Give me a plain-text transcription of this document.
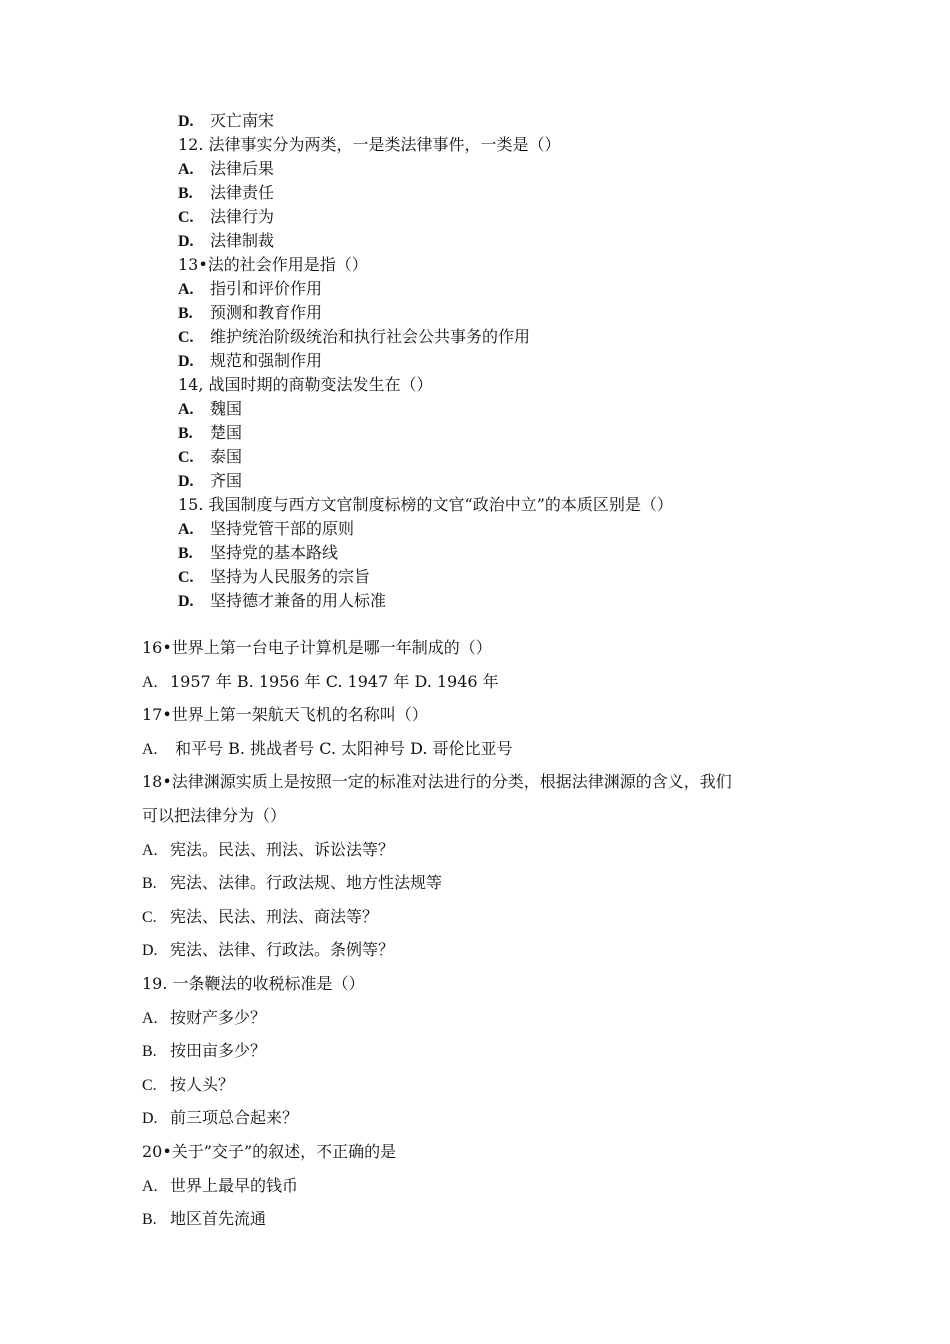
D. 灭亡南宋
12. 法律事实分为两类，一是类法律事件，一类是（）
A. 法律后果
B. 法律责任
C. 法律行为
D. 法律制裁
13•法的社会作用是指（）
A. 指引和评价作用
B. 预测和教育作用
C. 维护统治阶级统治和执行社会公共事务的作用
D. 规范和强制作用
14, 战国时期的商勒变法发生在（）
A. 魏国
B. 楚国
C. 泰国
D. 齐国
15. 我国制度与西方文官制度标榜的文官“政治中立”的本质区别是（）
A. 坚持党管干部的原则
B. 坚持党的基本路线
C. 坚持为人民服务的宗旨
D. 坚持德才兼备的用人标准
16•世界上第一台电子计算机是哪一年制成的（）
A. 1957 年 B. 1956 年 C. 1947 年 D. 1946 年
17•世界上第一架航天飞机的名称叫（）
A. 和平号 B. 挑战者号 C. 太阳神号 D. 哥伦比亚号
18•法律渊源实质上是按照一定的标准对法进行的分类，根据法律渊源的含义，我们
可以把法律分为（）
A. 宪法。民法、刑法、诉讼法等？
B. 宪法、法律。行政法规、地方性法规等
C. 宪法、民法、刑法、商法等？
D. 宪法、法律、行政法。条例等？
19. 一条鞭法的收税标准是（）
A. 按财产多少？
B. 按田亩多少？
C. 按人头？
D. 前三项总合起来？
20•关于”交子”的叙述，不正确的是
A. 世界上最早的钱币
B. 地区首先流通
